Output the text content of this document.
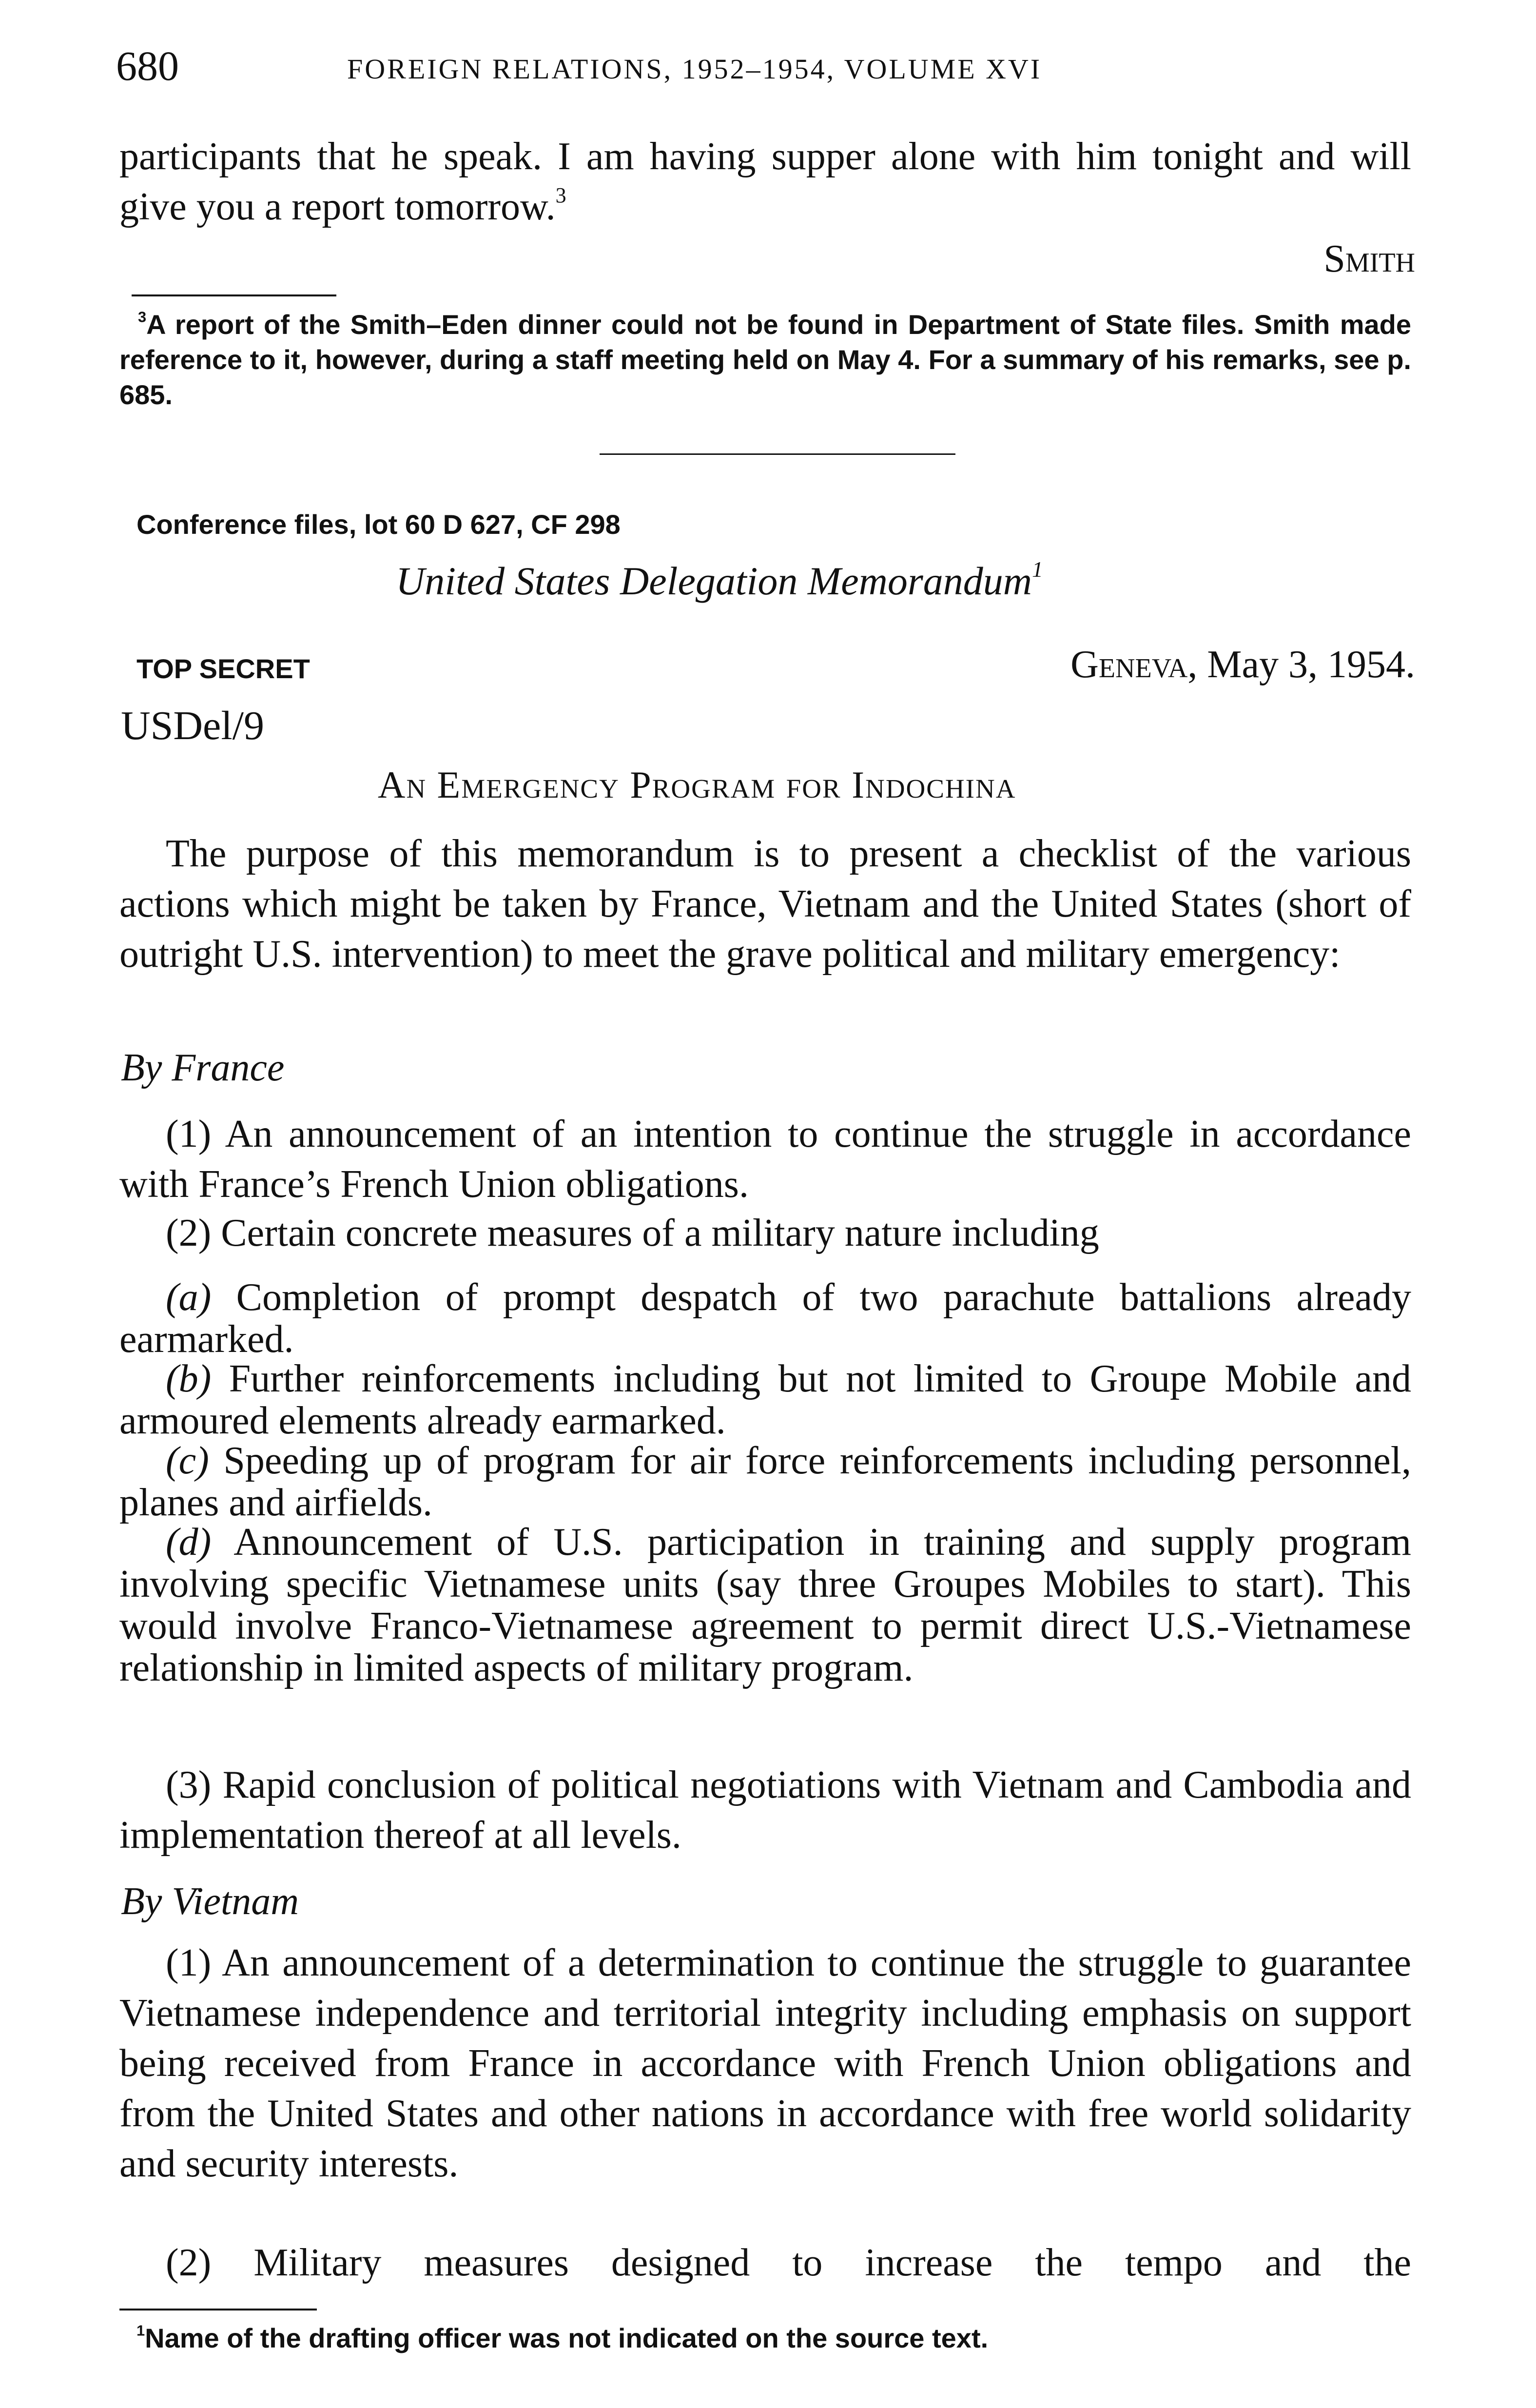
680	FOREIGN RELATIONS, 1952–1954, VOLUME XVI

participants that he speak. I am having supper alone with him tonight and will give you a report tomorrow.$^3$

Smith

$^3$A report of the Smith–Eden dinner could not be found in Department of State files. Smith made reference to it, however, during a staff meeting held on May 4. For a summary of his remarks, see p. 685.

Conference files, lot 60 D 627, CF 298
United States Delegation Memorandum$^1$
TOP SECRET	Geneva, May 3, 1954.
USDel/9
An Emergency Program for Indochina

The purpose of this memorandum is to present a checklist of the various actions which might be taken by France, Vietnam and the United States (short of outright U.S. intervention) to meet the grave political and military emergency:

By France

(1) An announcement of an intention to continue the struggle in accordance with France’s French Union obligations.

(2) Certain concrete measures of a military nature including

(a) Completion of prompt despatch of two parachute battalions already earmarked.

(b) Further reinforcements including but not limited to Groupe Mobile and armoured elements already earmarked.

(c) Speeding up of program for air force reinforcements including personnel, planes and airfields.

(d) Announcement of U.S. participation in training and supply program involving specific Vietnamese units (say three Groupes Mobiles to start). This would involve Franco-Vietnamese agreement to permit direct U.S.-Vietnamese relationship in limited aspects of military program.

(3) Rapid conclusion of political negotiations with Vietnam and Cambodia and implementation thereof at all levels.

By Vietnam

(1) An announcement of a determination to continue the struggle to guarantee Vietnamese independence and territorial integrity including emphasis on support being received from France in accordance with French Union obligations and from the United States and other nations in accordance with free world solidarity and security interests.

(2) Military measures designed to increase the tempo and the

$^1$Name of the drafting officer was not indicated on the source text.
